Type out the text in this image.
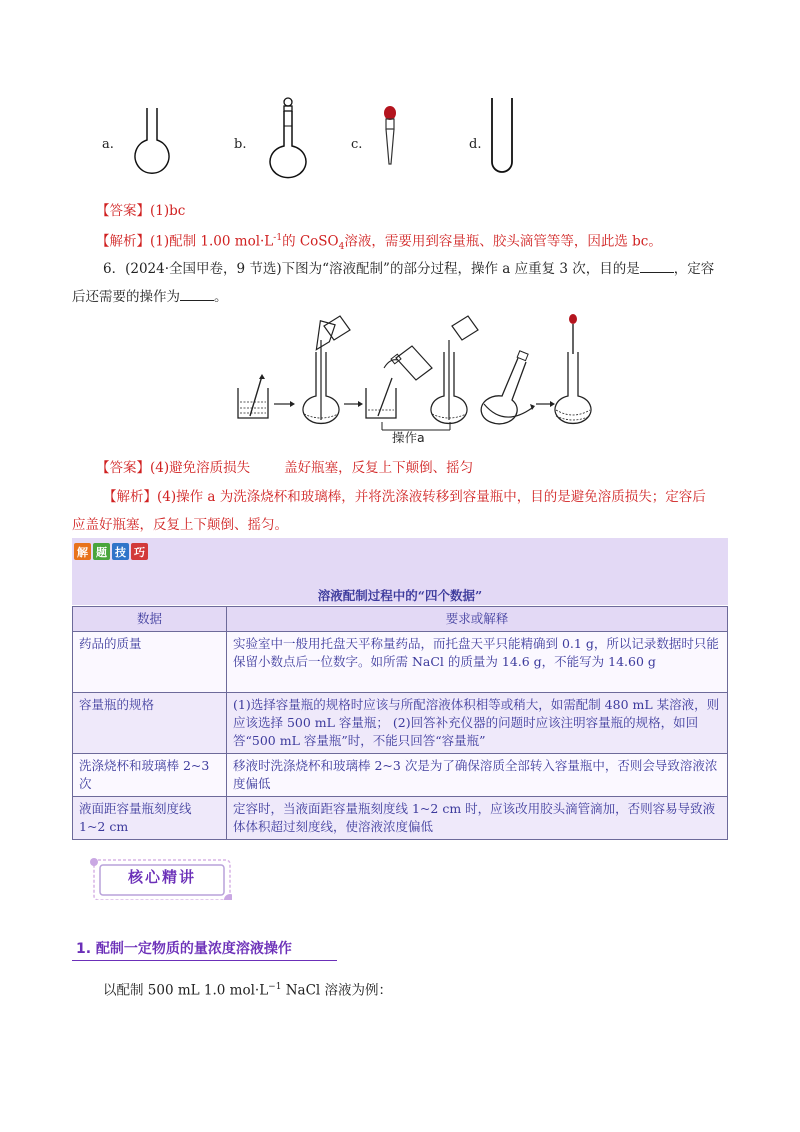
a.	b.	c.	d.
【答案】(1)bc
【解析】(1)配制 1.00 $mol\cdot L^{-1}$的 CoSO$_4$溶液，需要用到容量瓶、胶头滴管等等，因此选 bc。
6．(2024·全国甲卷，9 节选)下图为“溶液配制”的部分过程，操作 a 应重复 3 次，目的是	，定容
后还需要的操作为	。
操作a
【答案】(4)避免溶质损失	盖好瓶塞，反复上下颠倒、摇匀
【解析】(4)操作 a 为洗涤烧杯和玻璃棒，并将洗涤液转移到容量瓶中，目的是避免溶质损失；定容后
应盖好瓶塞，反复上下颠倒、摇匀。
解 题 技 巧
溶液配制过程中的“四个数据”
数据	要求或解释
药品的质量	实验室中一般用托盘天平称量药品，而托盘天平只能精确到 0.1 g，所以记录数据时只能保留小数点后一位数字。如所需 NaCl 的质量为 14.6 g，不能写为 14.60 g
容量瓶的规格	(1)选择容量瓶的规格时应该与所配溶液体积相等或稍大，如需配制 480 mL 某溶液，则应该选择 500 mL 容量瓶； (2)回答补充仪器的问题时应该注明容量瓶的规格，如回答“500 mL 容量瓶”时，不能只回答“容量瓶”
洗涤烧杯和玻璃棒 2~3 次	移液时洗涤烧杯和玻璃棒 2~3 次是为了确保溶质全部转入容量瓶中，否则会导致溶液浓度偏低
液面距容量瓶刻度线 1~2 cm	定容时，当液面距容量瓶刻度线 1~2 cm 时，应该改用胶头滴管滴加，否则容易导致液体体积超过刻度线，使溶液浓度偏低
核心精讲
1. 配制一定物质的量浓度溶液操作
以配制 500 mL 1.0 $mol\cdot L^{-1}$ NaCl 溶液为例：
